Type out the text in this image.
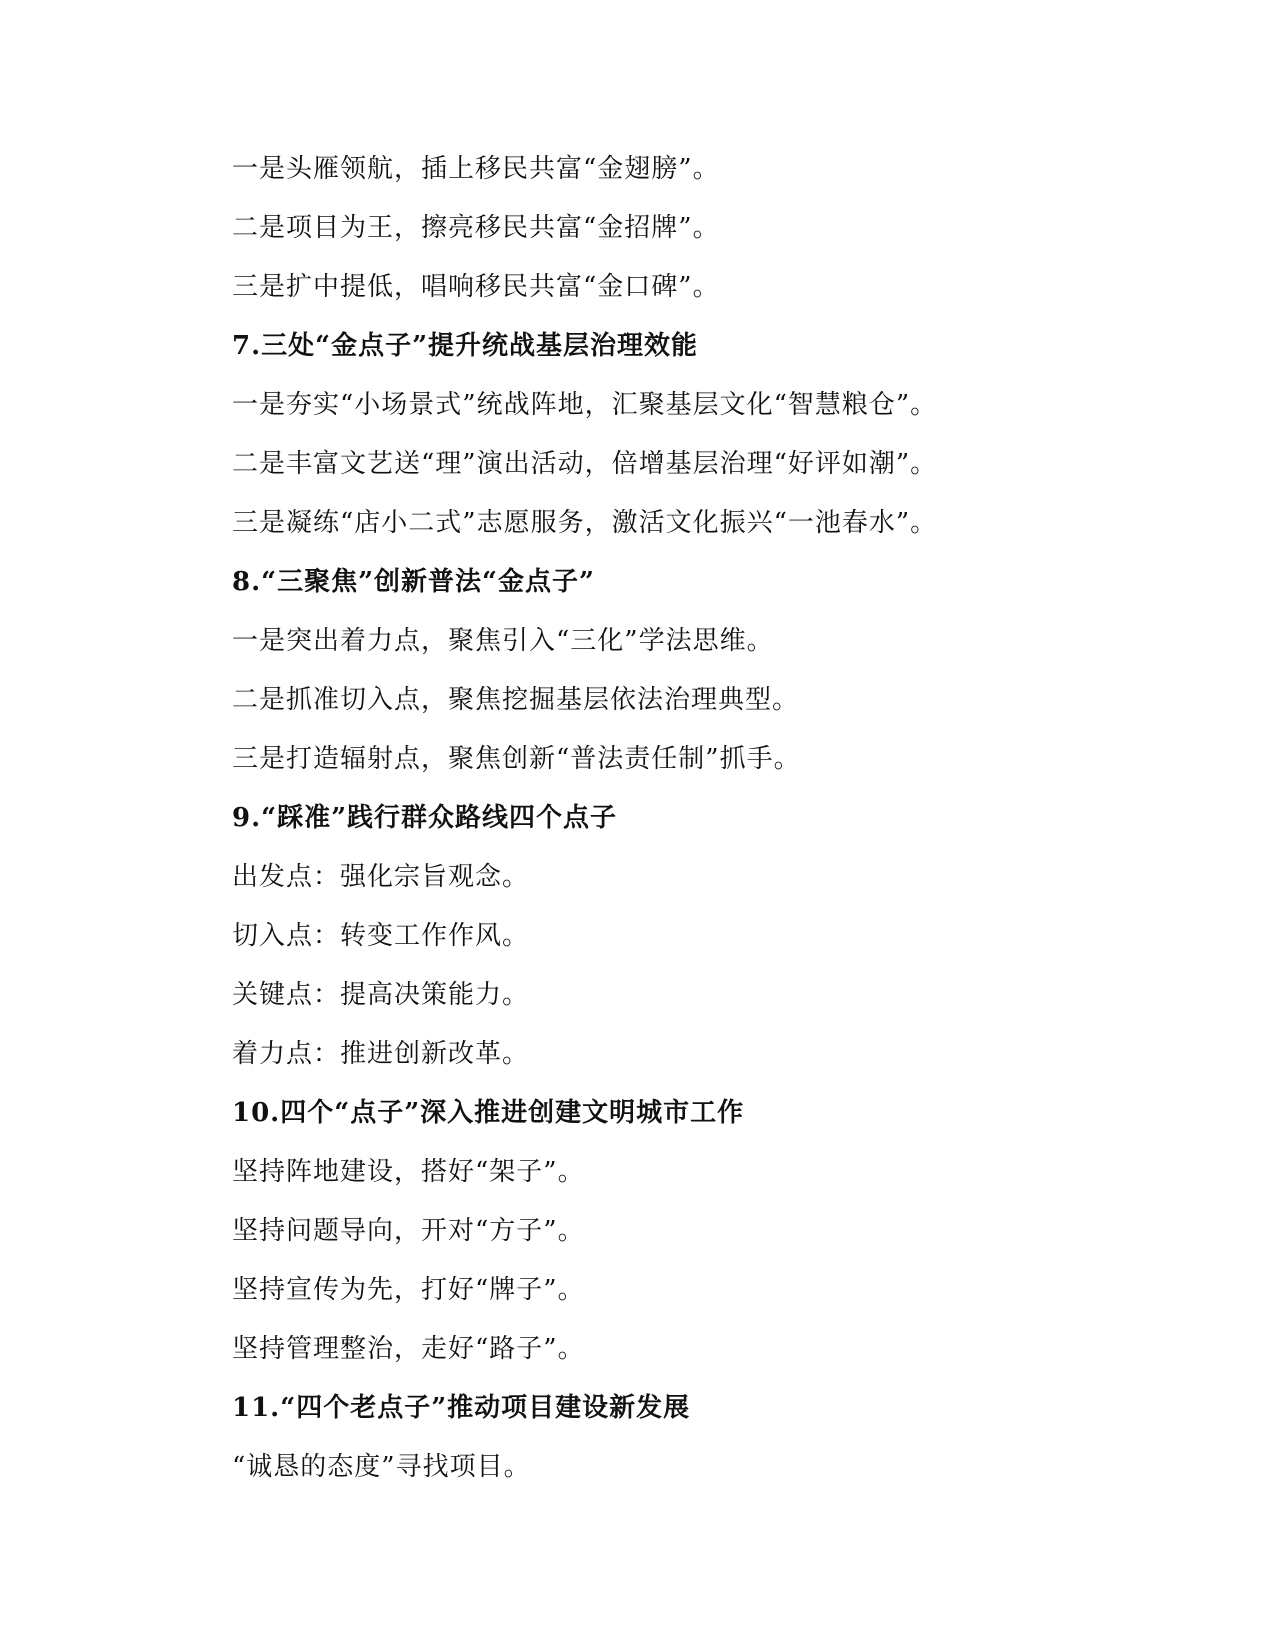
一是头雁领航，插上移民共富“金翅膀”。
二是项目为王，擦亮移民共富“金招牌”。
三是扩中提低，唱响移民共富“金口碑”。
7.三处“金点子”提升统战基层治理效能
一是夯实“小场景式”统战阵地，汇聚基层文化“智慧粮仓”。
二是丰富文艺送“理”演出活动，倍增基层治理“好评如潮”。
三是凝练“店小二式”志愿服务，激活文化振兴“一池春水”。
8.“三聚焦”创新普法“金点子”
一是突出着力点，聚焦引入“三化”学法思维。
二是抓准切入点，聚焦挖掘基层依法治理典型。
三是打造辐射点，聚焦创新“普法责任制”抓手。
9.“踩准”践行群众路线四个点子
出发点：强化宗旨观念。
切入点：转变工作作风。
关键点：提高决策能力。
着力点：推进创新改革。
10.四个“点子”深入推进创建文明城市工作
坚持阵地建设，搭好“架子”。
坚持问题导向，开对“方子”。
坚持宣传为先，打好“牌子”。
坚持管理整治，走好“路子”。
11.“四个老点子”推动项目建设新发展
“诚恳的态度”寻找项目。
